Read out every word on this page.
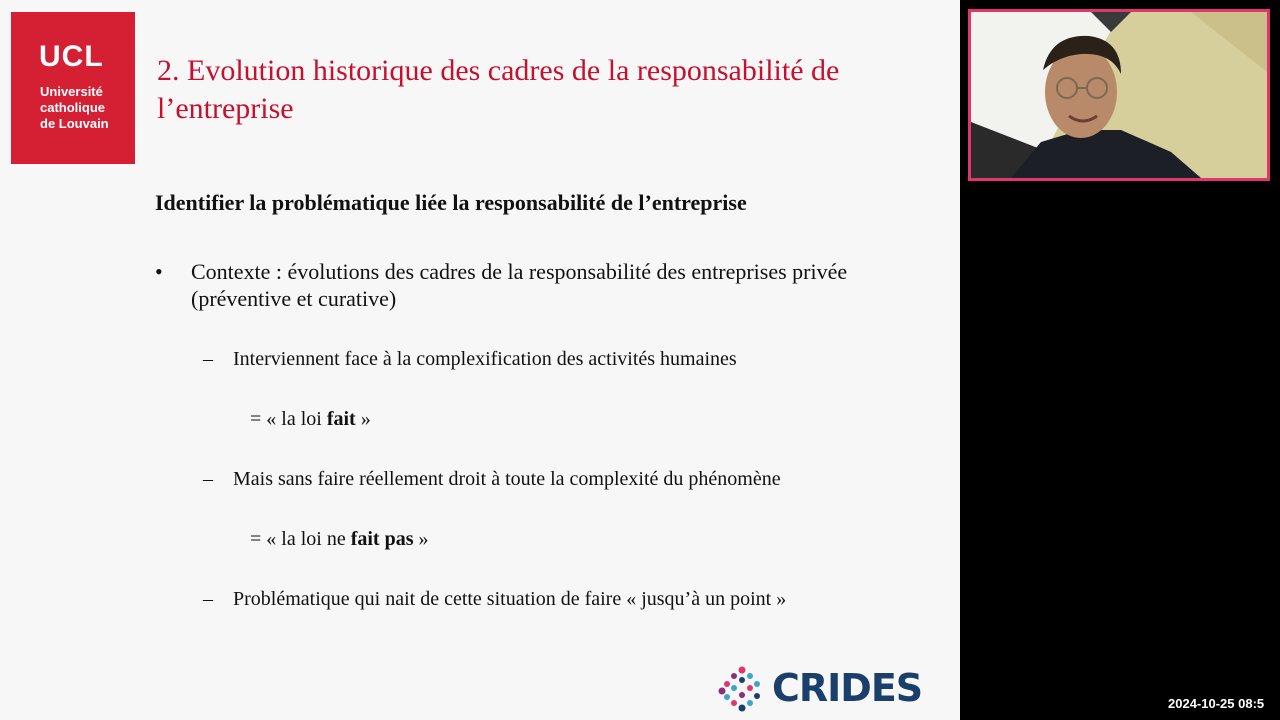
UCL
Université
catholique
de Louvain
2. Evolution historique des cadres de la responsabilité de l’entreprise
Identifier la problématique liée la responsabilité de l’entreprise
• Contexte : évolutions des cadres de la responsabilité des entreprises privée (préventive et curative)
– Interviennent face à la complexification des activités humaines
= « la loi fait »
– Mais sans faire réellement droit à toute la complexité du phénomène
= « la loi ne fait pas »
– Problématique qui nait de cette situation de faire « jusqu’à un point »
CRIDES	2024-10-25 08:5
